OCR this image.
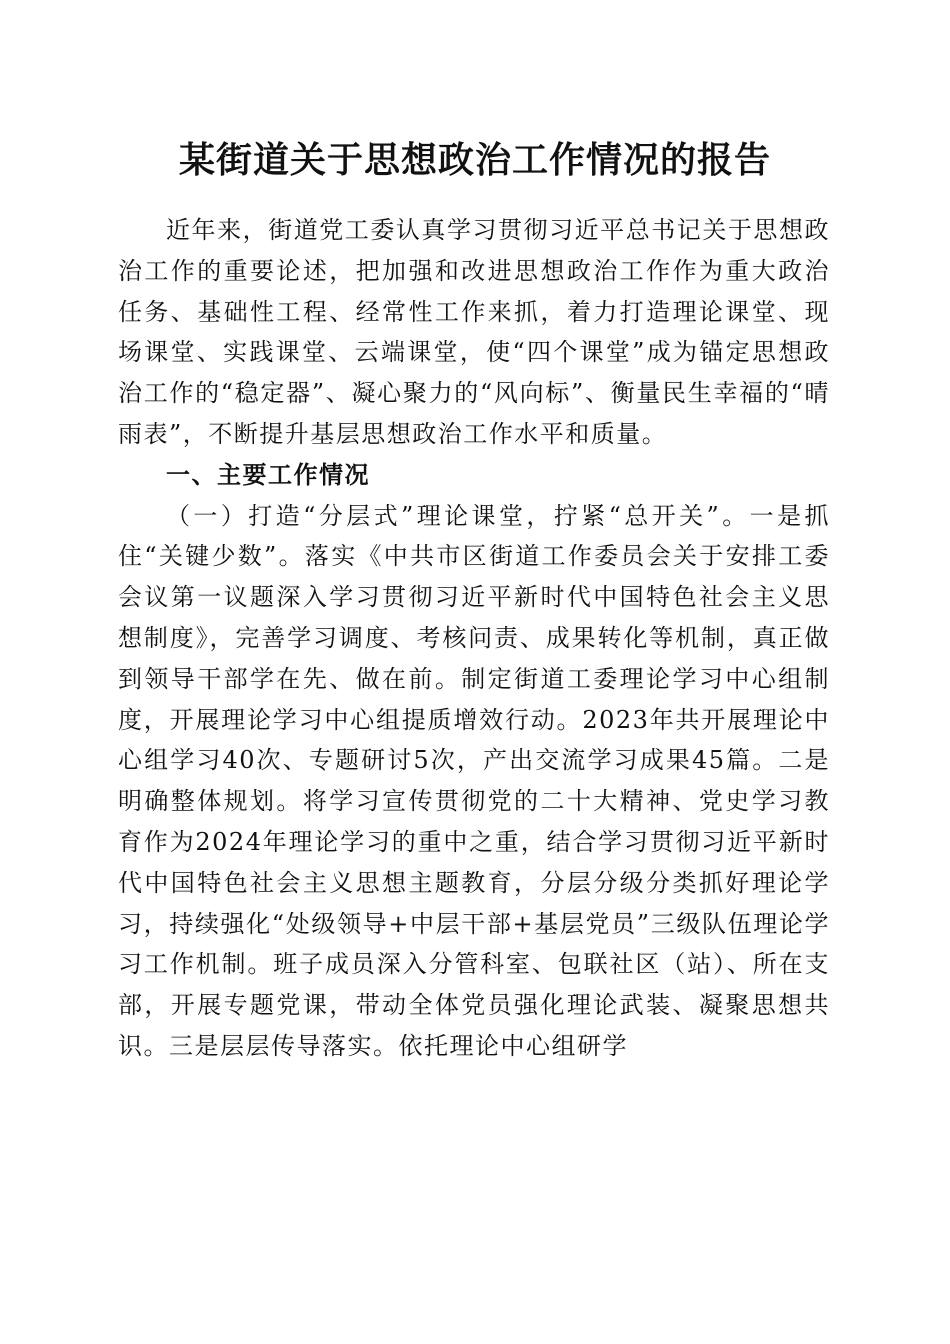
某街道关于思想政治工作情况的报告

近年来，街道党工委认真学习贯彻习近平总书记关于思想政治工作的重要论述，把加强和改进思想政治工作作为重大政治任务、基础性工程、经常性工作来抓，着力打造理论课堂、现场课堂、实践课堂、云端课堂，使“四个课堂”成为锚定思想政治工作的“稳定器”、凝心聚力的“风向标”、衡量民生幸福的“晴雨表”，不断提升基层思想政治工作水平和质量。

一、主要工作情况

（一）打造“分层式”理论课堂，拧紧“总开关”。一是抓住“关键少数”。落实《中共市区街道工作委员会关于安排工委会议第一议题深入学习贯彻习近平新时代中国特色社会主义思想制度》，完善学习调度、考核问责、成果转化等机制，真正做到领导干部学在先、做在前。制定街道工委理论学习中心组制度，开展理论学习中心组提质增效行动。2023年共开展理论中心组学习40次、专题研讨5次，产出交流学习成果45篇。二是明确整体规划。将学习宣传贯彻党的二十大精神、党史学习教育作为2024年理论学习的重中之重，结合学习贯彻习近平新时代中国特色社会主义思想主题教育，分层分级分类抓好理论学习，持续强化“处级领导+中层干部+基层党员”三级队伍理论学习工作机制。班子成员深入分管科室、包联社区（站）、所在支部，开展专题党课，带动全体党员强化理论武装、凝聚思想共识。三是层层传导落实。依托理论中心组研学
